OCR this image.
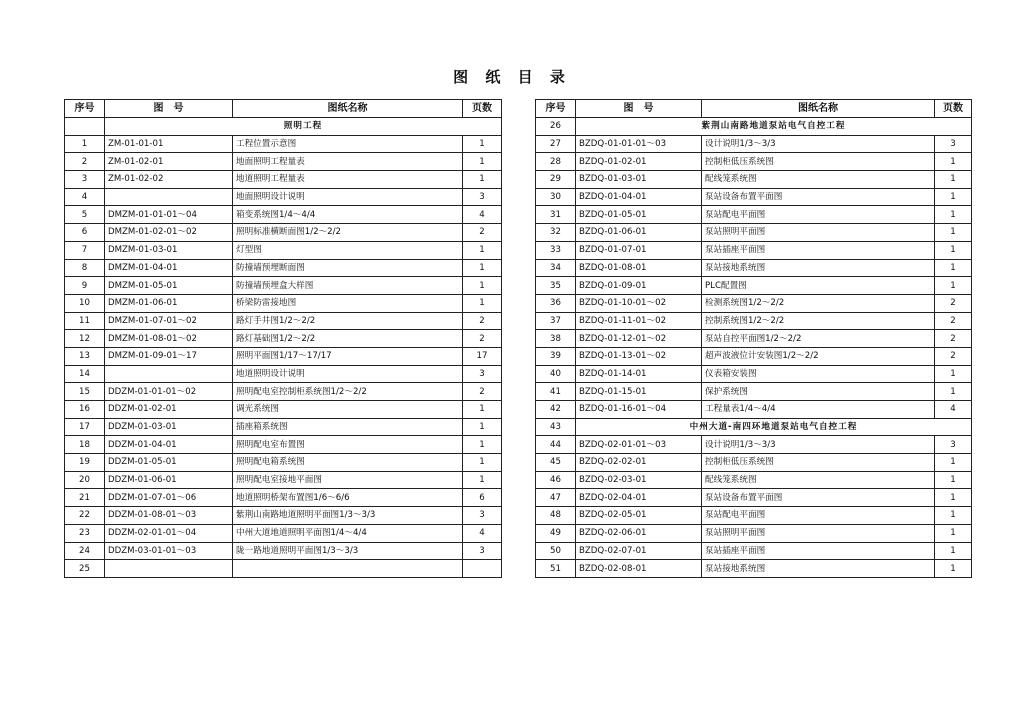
图 纸 目 录
序号	图　号	图纸名称	页数
	照明工程		
1	ZM-01-01-01	工程位置示意图	1
2	ZM-01-02-01	地面照明工程量表	1
3	ZM-01-02-02	地道照明工程量表	1
4		地面照明设计说明	3
5	DMZM-01-01-01～04	箱变系统图1/4～4/4	4
6	DMZM-01-02-01～02	照明标准横断面图1/2～2/2	2
7	DMZM-01-03-01	灯型图	1
8	DMZM-01-04-01	防撞墙预埋断面图	1
9	DMZM-01-05-01	防撞墙预埋盒大样图	1
10	DMZM-01-06-01	桥梁防雷接地图	1
11	DMZM-01-07-01～02	路灯手井图1/2～2/2	2
12	DMZM-01-08-01～02	路灯基础图1/2～2/2	2
13	DMZM-01-09-01～17	照明平面图1/17～17/17	17
14		地道照明设计说明	3
15	DDZM-01-01-01～02	照明配电室控制柜系统图1/2～2/2	2
16	DDZM-01-02-01	调光系统图	1
17	DDZM-01-03-01	插座箱系统图	1
18	DDZM-01-04-01	照明配电室布置图	1
19	DDZM-01-05-01	照明配电箱系统图	1
20	DDZM-01-06-01	照明配电室接地平面图	1
21	DDZM-01-07-01～06	地道照明桥架布置图1/6～6/6	6
22	DDZM-01-08-01～03	紫荆山南路地道照明平面图1/3～3/3	3
23	DDZM-02-01-01～04	中州大道地道照明平面图1/4～4/4	4
24	DDZM-03-01-01～03	陇一路地道照明平面图1/3～3/3	3
25			
序号	图　号	图纸名称	页数
26	紫荆山南路地道泵站电气自控工程		
27	BZDQ-01-01-01～03	设计说明1/3～3/3	3
28	BZDQ-01-02-01	控制柜低压系统图	1
29	BZDQ-01-03-01	配线笼系统图	1
30	BZDQ-01-04-01	泵站设备布置平面图	1
31	BZDQ-01-05-01	泵站配电平面图	1
32	BZDQ-01-06-01	泵站照明平面图	1
33	BZDQ-01-07-01	泵站插座平面图	1
34	BZDQ-01-08-01	泵站接地系统图	1
35	BZDQ-01-09-01	PLC配置图	1
36	BZDQ-01-10-01～02	检测系统图1/2～2/2	2
37	BZDQ-01-11-01～02	控制系统图1/2～2/2	2
38	BZDQ-01-12-01～02	泵站自控平面图1/2～2/2	2
39	BZDQ-01-13-01～02	超声波液位计安装图1/2～2/2	2
40	BZDQ-01-14-01	仪表箱安装图	1
41	BZDQ-01-15-01	保护系统图	1
42	BZDQ-01-16-01～04	工程量表1/4～4/4	4
43	中州大道-南四环地道泵站电气自控工程		
44	BZDQ-02-01-01～03	设计说明1/3～3/3	3
45	BZDQ-02-02-01	控制柜低压系统图	1
46	BZDQ-02-03-01	配线笼系统图	1
47	BZDQ-02-04-01	泵站设备布置平面图	1
48	BZDQ-02-05-01	泵站配电平面图	1
49	BZDQ-02-06-01	泵站照明平面图	1
50	BZDQ-02-07-01	泵站插座平面图	1
51	BZDQ-02-08-01	泵站接地系统图	1
